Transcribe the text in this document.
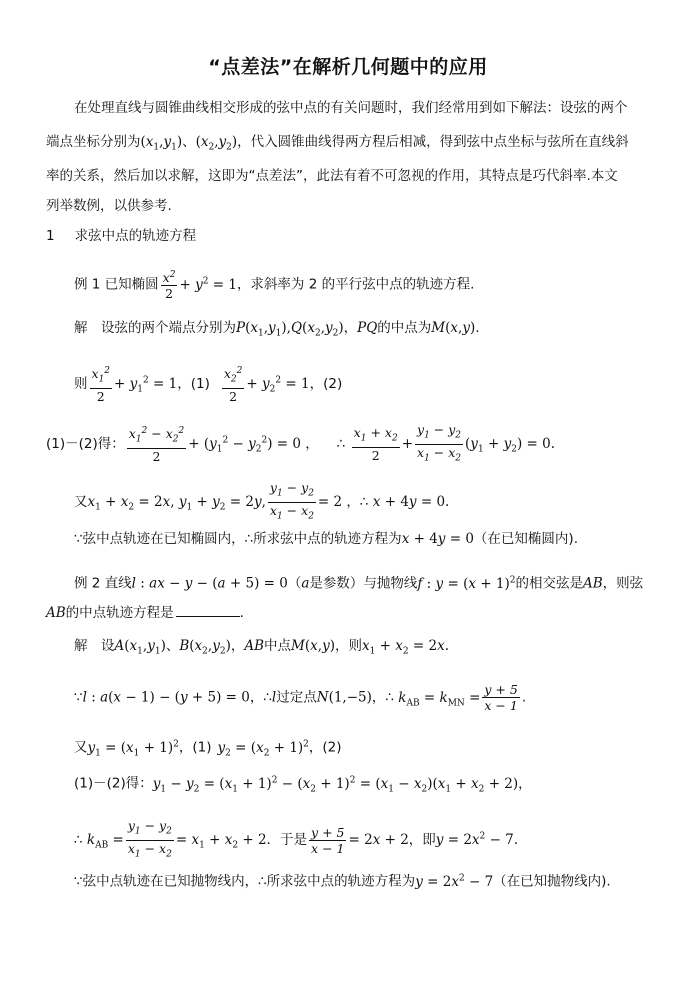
“点差法”在解析几何题中的应用
在处理直线与圆锥曲线相交形成的弦中点的有关问题时，我们经常用到如下解法：设弦的两个
端点坐标分别为$(x_1,y_1)$、$(x_2,y_2)$，代入圆锥曲线得两方程后相减，得到弦中点坐标与弦所在直线斜
率的关系，然后加以求解，这即为“点差法”，此法有着不可忽视的作用，其特点是巧代斜率.本文
列举数例，以供参考.
1 求弦中点的轨迹方程
例 1 已知椭圆 $\frac{x^2}{2} + y^2 = 1$，求斜率为 2 的平行弦中点的轨迹方程.
解　设弦的两个端点分别为$P(x_1,y_1),Q(x_2,y_2)$，PQ的中点为M(x,y).
则 $\frac{x_1^2}{2} + y_1^2 = 1$，$(1) \frac{x_2^2}{2} + y_2^2 = 1$，(2)
(1)－(2)得： $\frac{x_1^2 - x_2^2}{2} + (y_1^2 - y_2^2) = 0$ ， ∴ $\frac{x_1 + x_2}{2} + \frac{y_1 - y_2}{x_1 - x_2} (y_1 + y_2) = 0$.
又$x_1 + x_2 = 2x$, $y_1 + y_2 = 2y$, $\frac{y_1 - y_2}{x_1 - x_2} = 2$ ，∴ x + 4y = 0.
∵弦中点轨迹在已知椭圆内，∴所求弦中点的轨迹方程为x + 4y = 0（在已知椭圆内).
例 2 直线l : ax − y − (a + 5) = 0（a是参数）与抛物线f : $y = (x + 1)^2$的相交弦是AB，则弦
AB的中点轨迹方程是	.
解　设$A(x_1,y_1)$、$B(x_2,y_2)$，AB中点M(x,y)，则$x_1 + x_2 = 2x$.
∵l : a(x − 1) − (y + 5) = 0，∴l过定点N(1,−5)，∴ $k_{AB} = k_{MN} = \frac{y + 5}{x - 1}$ .
又$y_1 = (x_1 + 1)^2$，(1) $y_2 = (x_2 + 1)^2$，(2)
(1)－(2)得：$y_1 - y_2 = (x_1 + 1)^2 - (x_2 + 1)^2 = (x_1 - x_2)(x_1 + x_2 + 2)$，
∴ $k_{AB} = \frac{y_1 - y_2}{x_1 - x_2} = x_1 + x_2 + 2$．于是 $\frac{y + 5}{x - 1} = 2x + 2$，即$y = 2x^2 - 7$.
∵弦中点轨迹在已知抛物线内，∴所求弦中点的轨迹方程为$y = 2x^2 - 7$（在已知抛物线内).
